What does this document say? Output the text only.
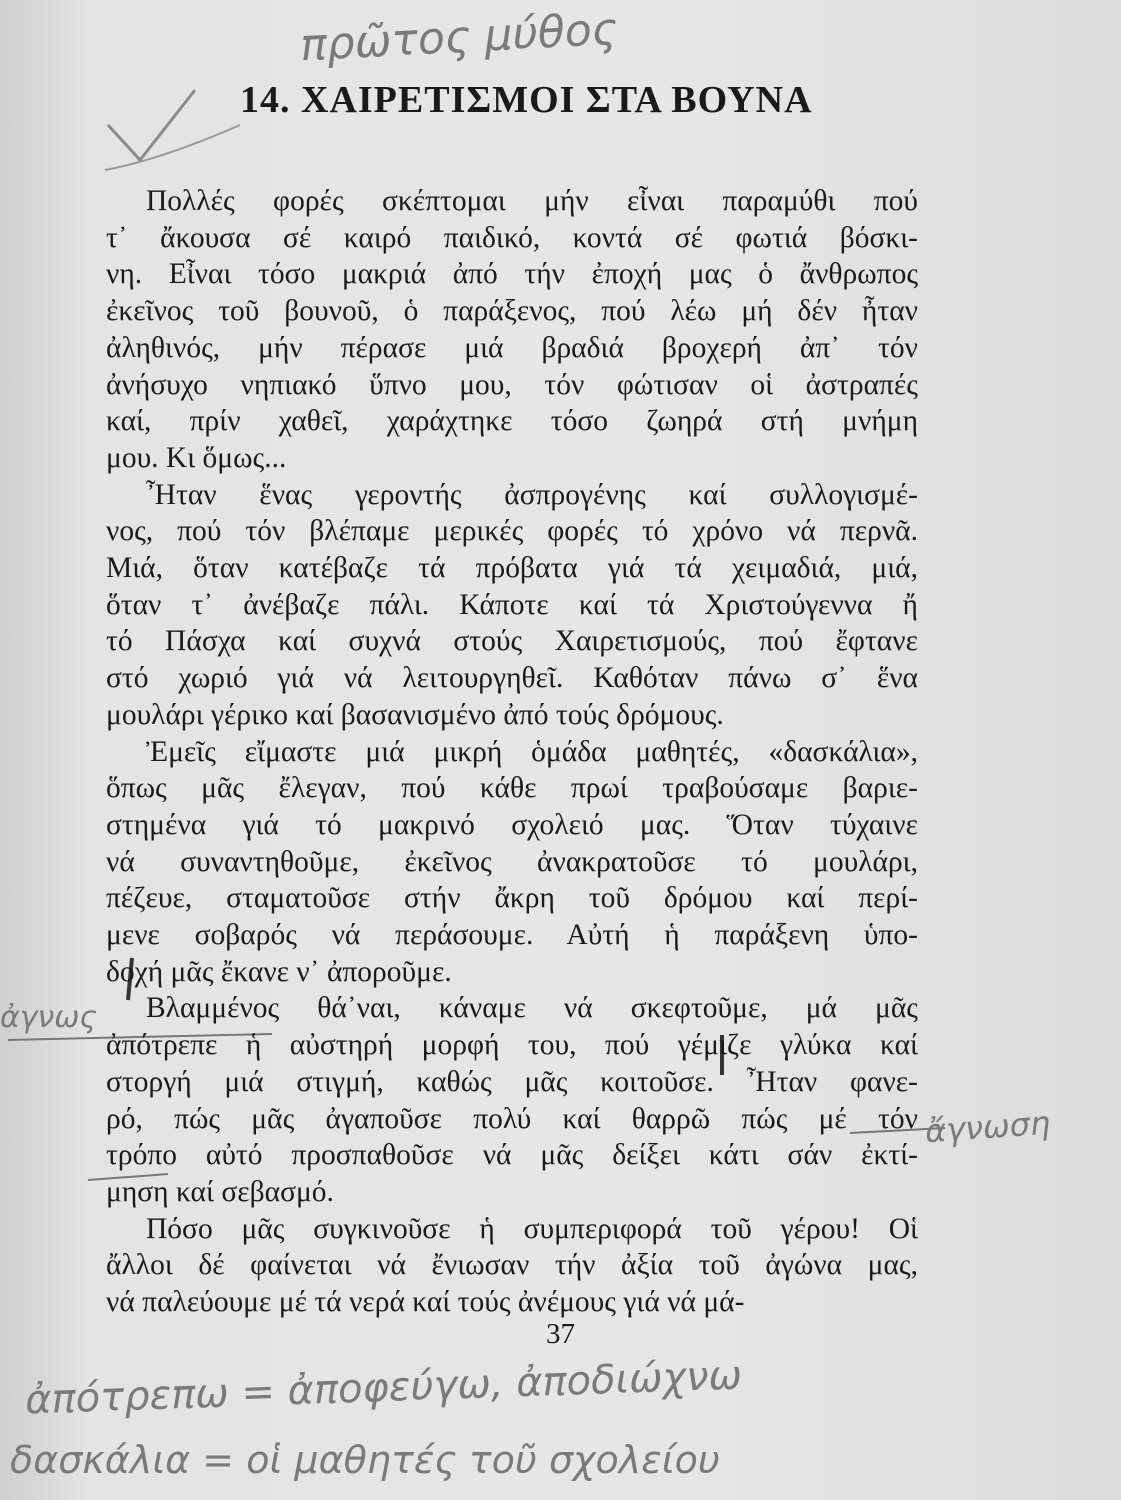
πρῶτος μύθος
14. ΧΑΙΡΕΤΙΣΜΟΙ ΣΤΑ ΒΟΥΝΑ
Πολλές φορές σκέπτομαι μήν εἶναι παραμύθι πού
τ᾽ ἄκουσα σέ καιρό παιδικό, κοντά σέ φωτιά βόσκι-
νη. Εἶναι τόσο μακριά ἀπό τήν ἐποχή μας ὁ ἄνθρωπος
ἐκεῖνος τοῦ βουνοῦ, ὁ παράξενος, πού λέω μή δέν ἦταν
ἀληθινός, μήν πέρασε μιά βραδιά βροχερή ἀπ᾽ τόν
ἀνήσυχο νηπιακό ὕπνο μου, τόν φώτισαν οἱ ἀστραπές
καί, πρίν χαθεῖ, χαράχτηκε τόσο ζωηρά στή μνήμη
μου. Κι ὅμως...
Ἦταν ἕνας γεροντής ἀσπρογένης καί συλλογισμέ-
νος, πού τόν βλέπαμε μερικές φορές τό χρόνο νά περνᾶ.
Μιά, ὅταν κατέβαζε τά πρόβατα γιά τά χειμαδιά, μιά,
ὅταν τ᾽ ἀνέβαζε πάλι. Κάποτε καί τά Χριστούγεννα ἤ
τό Πάσχα καί συχνά στούς Χαιρετισμούς, πού ἔφτανε
στό χωριό γιά νά λειτουργηθεῖ. Καθόταν πάνω σ᾽ ἕνα
μουλάρι γέρικο καί βασανισμένο ἀπό τούς δρόμους.
Ἐμεῖς εἴμαστε μιά μικρή ὁμάδα μαθητές, «δασκάλια»,
ὅπως μᾶς ἔλεγαν, πού κάθε πρωί τραβούσαμε βαριε-
στημένα γιά τό μακρινό σχολειό μας. Ὅταν τύχαινε
νά συναντηθοῦμε, ἐκεῖνος ἀνακρατοῦσε τό μουλάρι,
πέζευε, σταματοῦσε στήν ἄκρη τοῦ δρόμου καί περί-
μενε σοβαρός νά περάσουμε. Αὐτή ἡ παράξενη ὑπο-
δοχή μᾶς ἔκανε ν᾽ ἀποροῦμε.
Βλαμμένος θά᾽ναι, κάναμε νά σκεφτοῦμε, μά μᾶς
ἀπότρεπε ἡ αὐστηρή μορφή του, πού γέμιζε γλύκα καί
στοργή μιά στιγμή, καθώς μᾶς κοιτοῦσε. Ἦταν φανε-
ρό, πώς μᾶς ἀγαποῦσε πολύ καί θαρρῶ πώς μέ τόν
τρόπο αὐτό προσπαθοῦσε νά μᾶς δείξει κάτι σάν ἐκτί-
μηση καί σεβασμό.
Πόσο μᾶς συγκινοῦσε ἡ συμπεριφορά τοῦ γέρου! Οἱ
ἄλλοι δέ φαίνεται νά ἔνιωσαν τήν ἀξία τοῦ ἀγώνα μας,
νά παλεύουμε μέ τά νερά καί τούς ἀνέμους γιά νά μά-
ἀγνως
ἄγνωση
37
ἀπότρεπω = ἀποφεύγω, ἀποδιώχνω
δασκάλια = οἱ μαθητές τοῦ σχολείου
